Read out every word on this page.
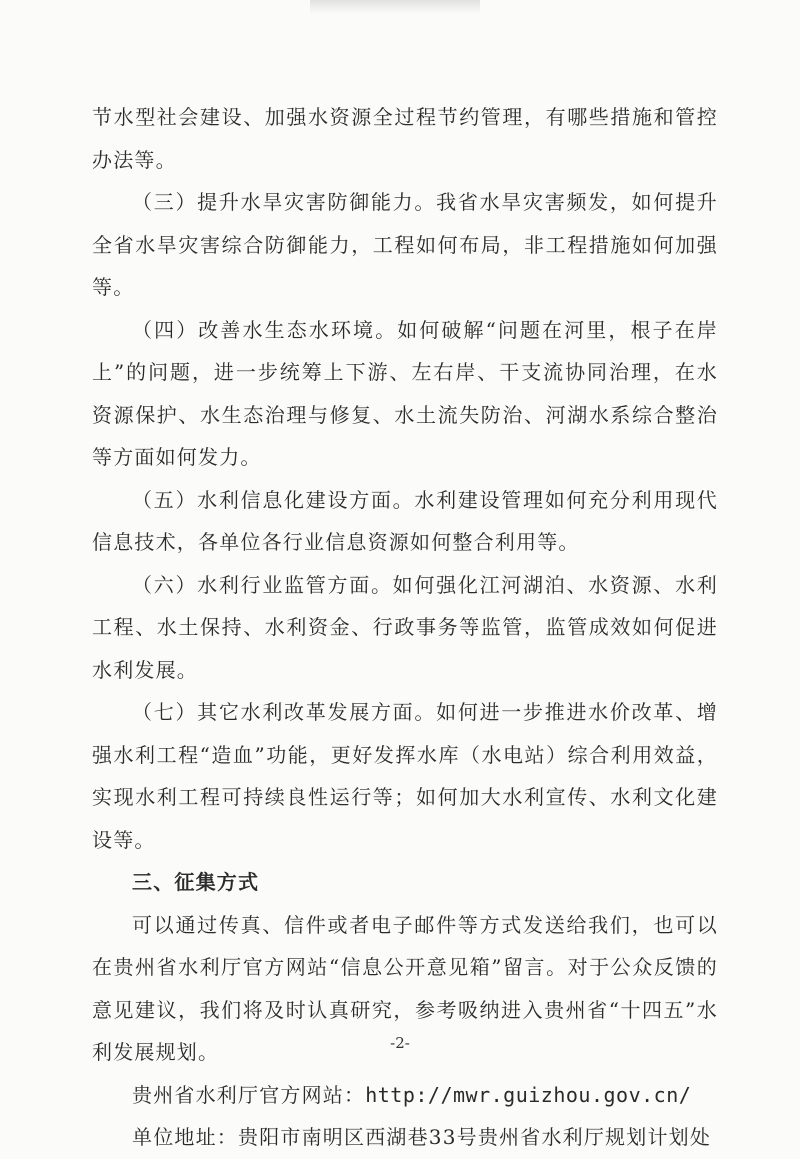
节水型社会建设、加强水资源全过程节约管理，有哪些措施和管控办法等。

（三）提升水旱灾害防御能力。我省水旱灾害频发，如何提升全省水旱灾害综合防御能力，工程如何布局，非工程措施如何加强等。

（四）改善水生态水环境。如何破解“问题在河里，根子在岸上”的问题，进一步统筹上下游、左右岸、干支流协同治理，在水资源保护、水生态治理与修复、水土流失防治、河湖水系综合整治等方面如何发力。

（五）水利信息化建设方面。水利建设管理如何充分利用现代信息技术，各单位各行业信息资源如何整合利用等。

（六）水利行业监管方面。如何强化江河湖泊、水资源、水利工程、水土保持、水利资金、行政事务等监管，监管成效如何促进水利发展。

（七）其它水利改革发展方面。如何进一步推进水价改革、增强水利工程“造血”功能，更好发挥水库（水电站）综合利用效益，实现水利工程可持续良性运行等；如何加大水利宣传、水利文化建设等。

三、征集方式

可以通过传真、信件或者电子邮件等方式发送给我们，也可以在贵州省水利厅官方网站“信息公开意见箱”留言。对于公众反馈的意见建议，我们将及时认真研究，参考吸纳进入贵州省“十四五”水利发展规划。

贵州省水利厅官方网站：http://mwr.guizhou.gov.cn/

单位地址：贵阳市南明区西湖巷33号贵州省水利厅规划计划处

-2-
